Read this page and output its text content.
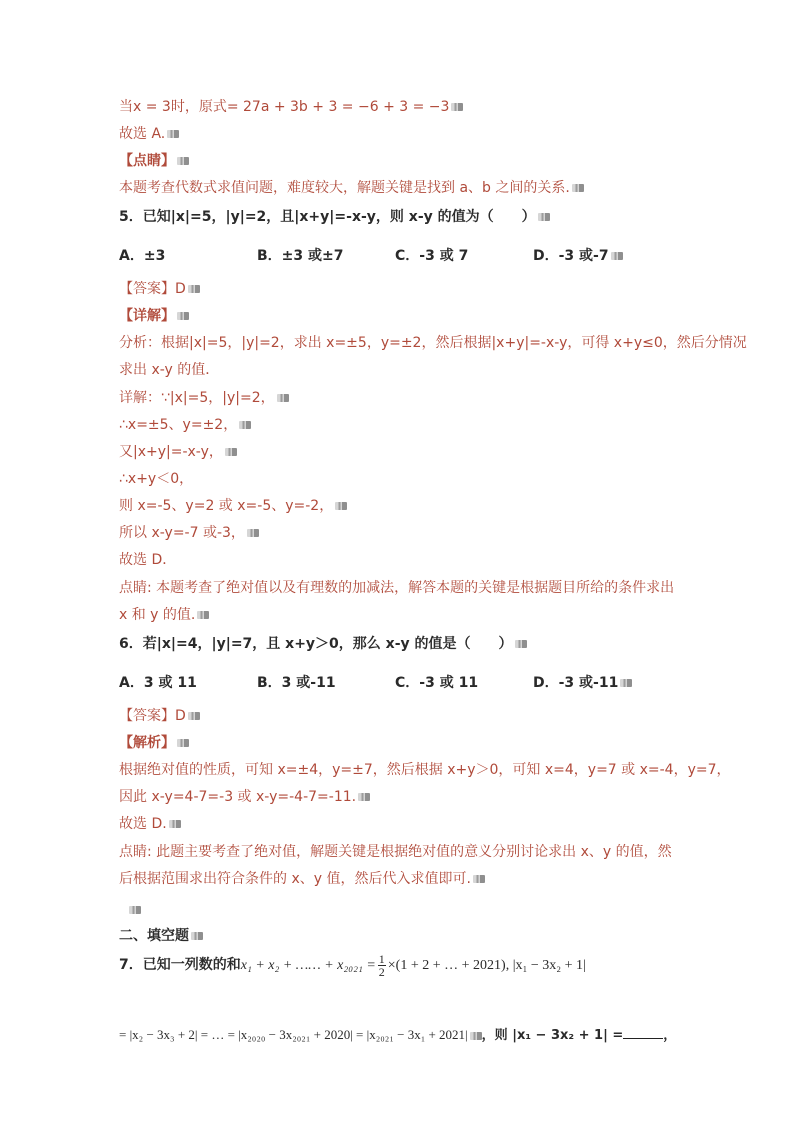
当x = 3时，原式= 27a + 3b + 3 = −6 + 3 = −3
故选 A.
【点睛】
本题考查代数式求值问题，难度较大，解题关键是找到 a、b 之间的关系.
5．已知|x|=5，|y|=2，且|x+y|=-x-y，则 x-y 的值为（　　）
A．±3	B．±3 或±7	C．-3 或 7	D．-3 或-7
【答案】D
【详解】
分析：根据|x|=5，|y|=2，求出 x=±5，y=±2，然后根据|x+y|=-x-y，可得 x+y≤0，然后分情况
求出 x-y 的值．
详解：∵|x|=5，|y|=2，
∴x=±5、y=±2，
又|x+y|=-x-y，
∴x+y＜0，
则 x=-5、y=2 或 x=-5、y=-2，
所以 x-y=-7 或-3，
故选 D．
点睛: 本题考查了绝对值以及有理数的加减法，解答本题的关键是根据题目所给的条件求出
x 和 y 的值.
6．若|x|=4，|y|=7，且 x+y＞0，那么 x-y 的值是（　　）
A．3 或 11	B．3 或-11	C．-3 或 11	D．-3 或-11
【答案】D
【解析】
根据绝对值的性质，可知 x=±4，y=±7，然后根据 x+y＞0，可知 x=4，y=7 或 x=-4，y=7，
因此 x-y=4-7=-3 或 x-y=-4-7=-11.
故选 D.
点睛: 此题主要考查了绝对值，解题关键是根据绝对值的意义分别讨论求出 x、y 的值，然
后根据范围求出符合条件的 x、y 值，然后代入求值即可.
二、填空题
7．已知一列数的和x₁ + x₂ + …… + $x_{2021} = \frac{1}{2} \times(1 + 2$ + … + 2021), |x₁ − 3x₂ + 1|
= |x₂ − 3x₃ + 2| = … = |x₂₀₂₀ − 3x₂₀₂₁ + 2020| = |x₂₀₂₁ − 3x₁ + 2021| ，则 |x₁ − 3x₂ + 1| =	，
